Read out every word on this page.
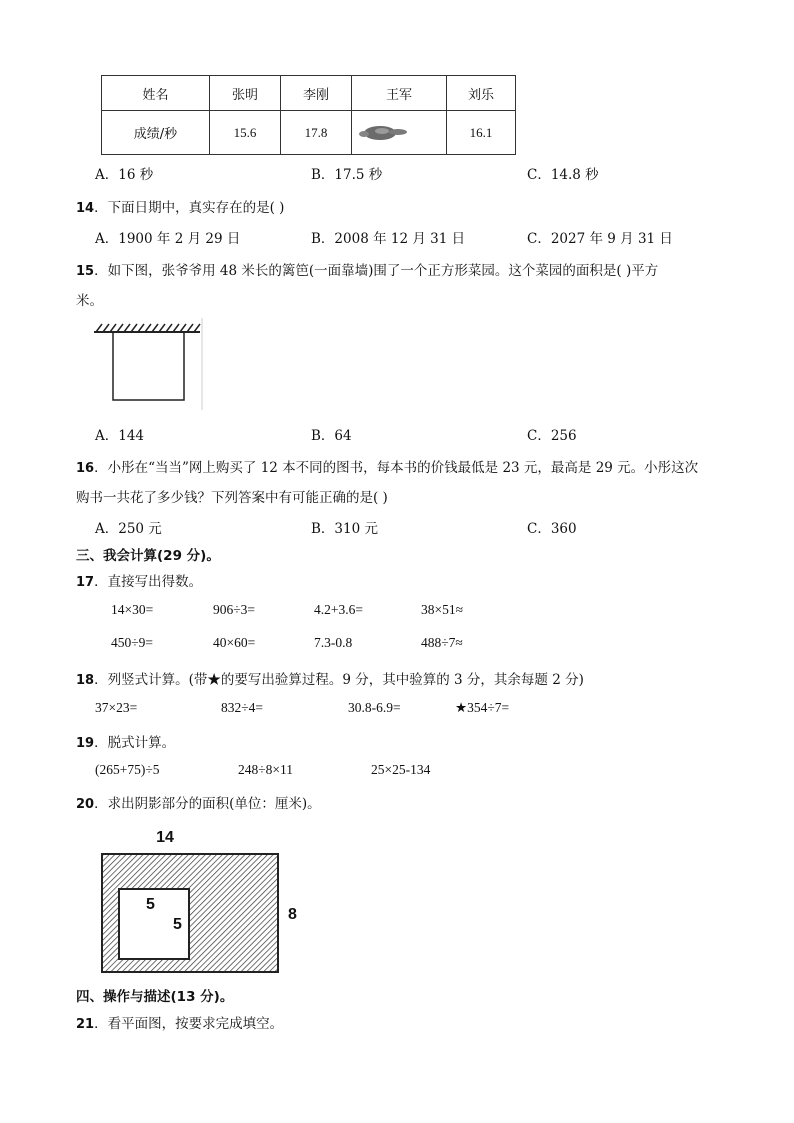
姓名	张明	李刚	王军	刘乐
成绩/秒	15.6	17.8		16.1
A．16 秒	B．17.5 秒	C．14.8 秒
14．下面日期中，真实存在的是( )
A．1900 年 2 月 29 日	B．2008 年 12 月 31 日	C．2027 年 9 月 31 日
15．如下图，张爷爷用 48 米长的篱笆(一面靠墙)围了一个正方形菜园。这个菜园的面积是( )平方
米。
A．144	B．64	C．256
16．小彤在“当当”网上购买了 12 本不同的图书，每本书的价钱最低是 23 元，最高是 29 元。小彤这次
购书一共花了多少钱？下列答案中有可能正确的是( )
A．250 元	B．310 元	C．360
三、我会计算(29 分)。
17．直接写出得数。
14×30=	906÷3=	4.2+3.6=	38×51≈
450÷9=	40×60=	7.3-0.8	488÷7≈
18．列竖式计算。(带★的要写出验算过程。9 分，其中验算的 3 分，其余每题 2 分)
37×23=	832÷4=	30.8-6.9=	★354÷7=
19．脱式计算。
(265+75)÷5	248÷8×11	25×25-134
20．求出阴影部分的面积(单位：厘米)。
14
8
5
5
四、操作与描述(13 分)。
21．看平面图，按要求完成填空。
